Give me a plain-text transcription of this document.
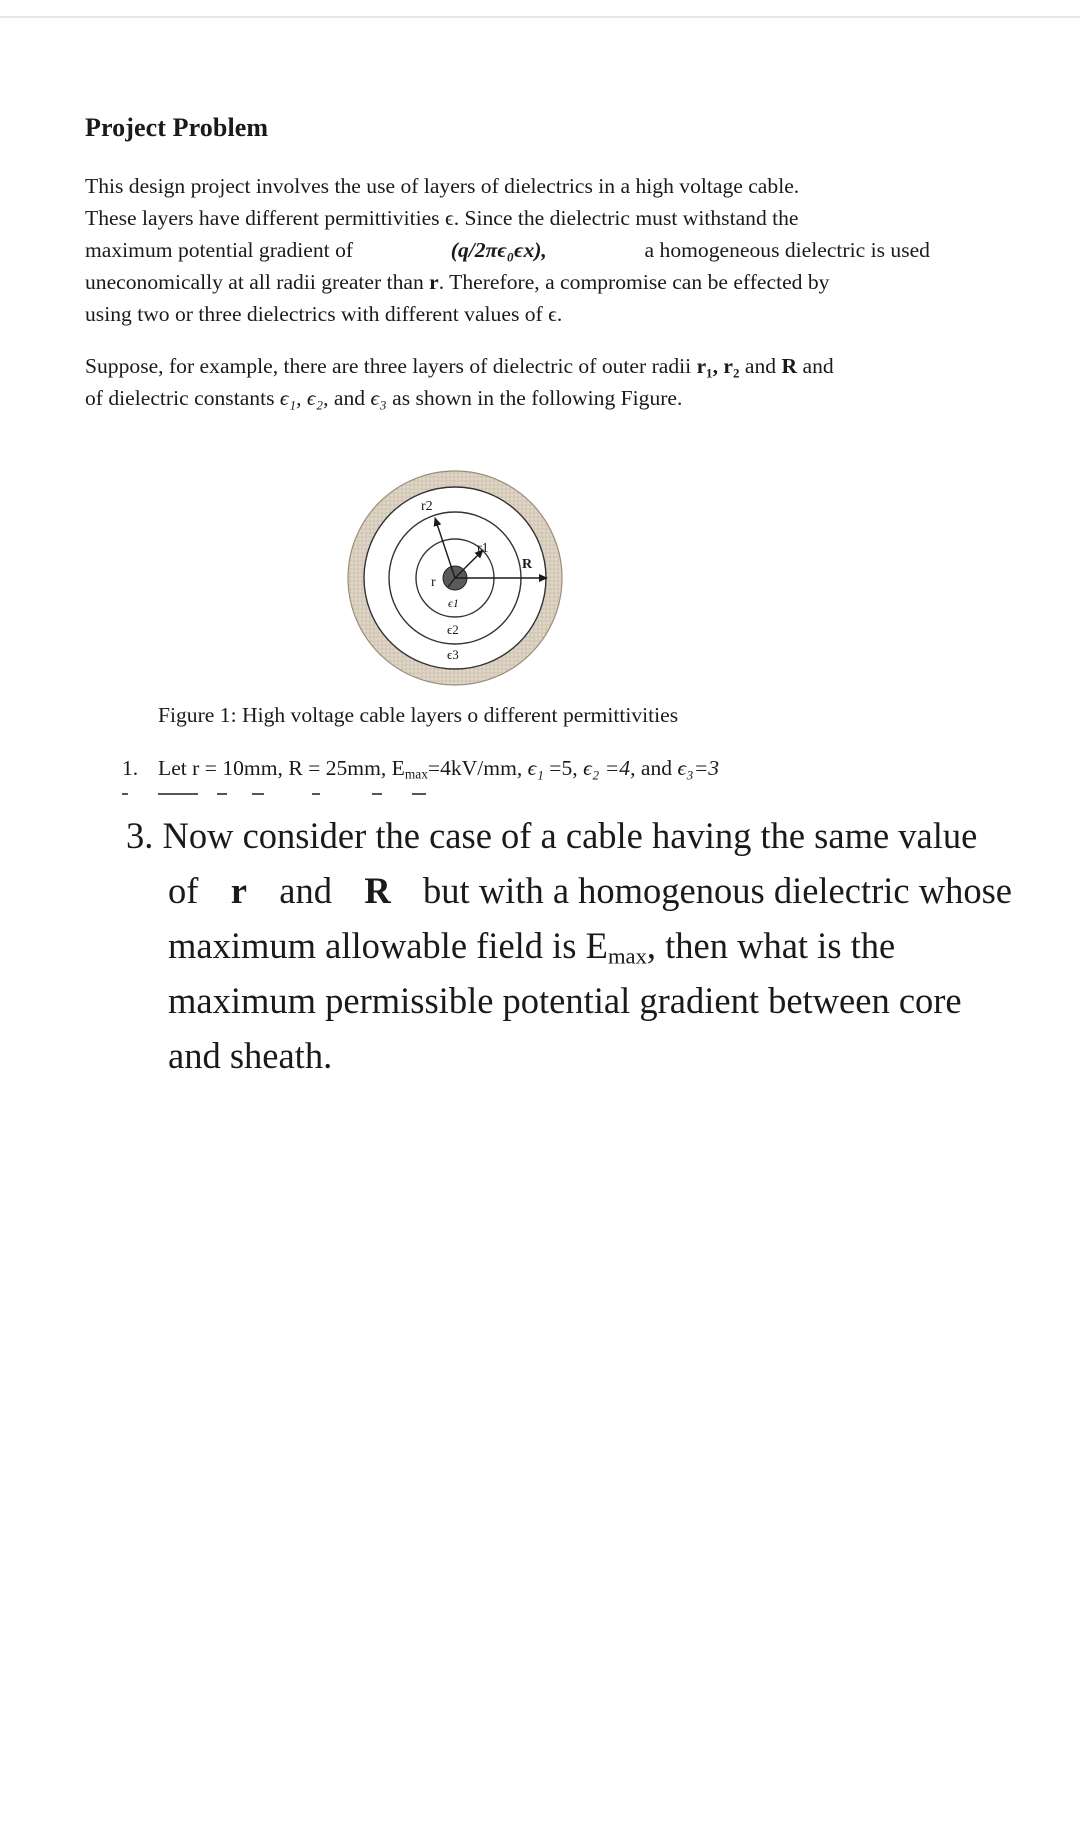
Project Problem
This design project involves the use of layers of dielectrics in a high voltage cable.
These layers have different permittivities ϵ. Since the dielectric must withstand the
maximum potential gradient of	(q/2πϵ₀ϵx),	a homogeneous dielectric is used
uneconomically at all radii greater than r. Therefore, a compromise can be effected by
using two or three dielectrics with different values of ϵ.
Suppose, for example, there are three layers of dielectric of outer radii r₁, r₂ and R and
of dielectric constants ϵ₁, ϵ₂, and ϵ₃ as shown in the following Figure.
r2
r1
R
r
ϵ1
ϵ2
ϵ3
Figure 1: High voltage cable layers o different permittivities
1. Let r = 10mm, R = 25mm, $E_{max}=4kV/mm$, ϵ₁ =5, ϵ₂ =4, and ϵ₃=3
3. Now consider the case of a cable having the same value
of r and R but with a homogenous dielectric whose
maximum allowable field is $E_{max}$, then what is the
maximum permissible potential gradient between core
and sheath.
